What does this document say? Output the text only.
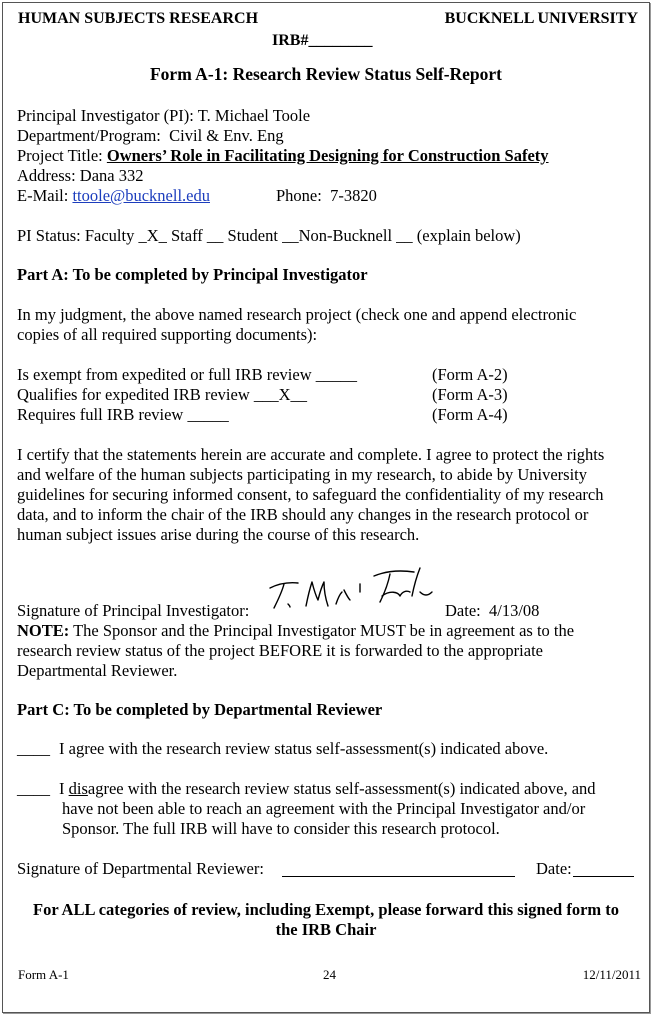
HUMAN SUBJECTS RESEARCH	BUCKNELL UNIVERSITY
IRB#________
Form A-1: Research Review Status Self-Report
Principal Investigator (PI): T. Michael Toole
Department/Program: Civil & Env. Eng
Project Title: Owners’ Role in Facilitating Designing for Construction Safety
Address: Dana 332
E-Mail: ttoole@bucknell.edu	Phone: 7-3820
PI Status: Faculty _X_ Staff __ Student __Non-Bucknell __ (explain below)
Part A: To be completed by Principal Investigator
In my judgment, the above named research project (check one and append electronic
copies of all required supporting documents):
Is exempt from expedited or full IRB review _____	(Form A-2)
Qualifies for expedited IRB review ___X__	(Form A-3)
Requires full IRB review _____	(Form A-4)
I certify that the statements herein are accurate and complete. I agree to protect the rights
and welfare of the human subjects participating in my research, to abide by University
guidelines for securing informed consent, to safeguard the confidentiality of my research
data, and to inform the chair of the IRB should any changes in the research protocol or
human subject issues arise during the course of this research.
Signature of Principal Investigator:	Date: 4/13/08
NOTE: The Sponsor and the Principal Investigator MUST be in agreement as to the
research review status of the project BEFORE it is forwarded to the appropriate
Departmental Reviewer.
Part C: To be completed by Departmental Reviewer
____ I agree with the research review status self-assessment(s) indicated above.
____ I disagree with the research review status self-assessment(s) indicated above, and
have not been able to reach an agreement with the Principal Investigator and/or
Sponsor. The full IRB will have to consider this research protocol.
Signature of Departmental Reviewer:	Date:
For ALL categories of review, including Exempt, please forward this signed form to
the IRB Chair
Form A-1	24	12/11/2011
